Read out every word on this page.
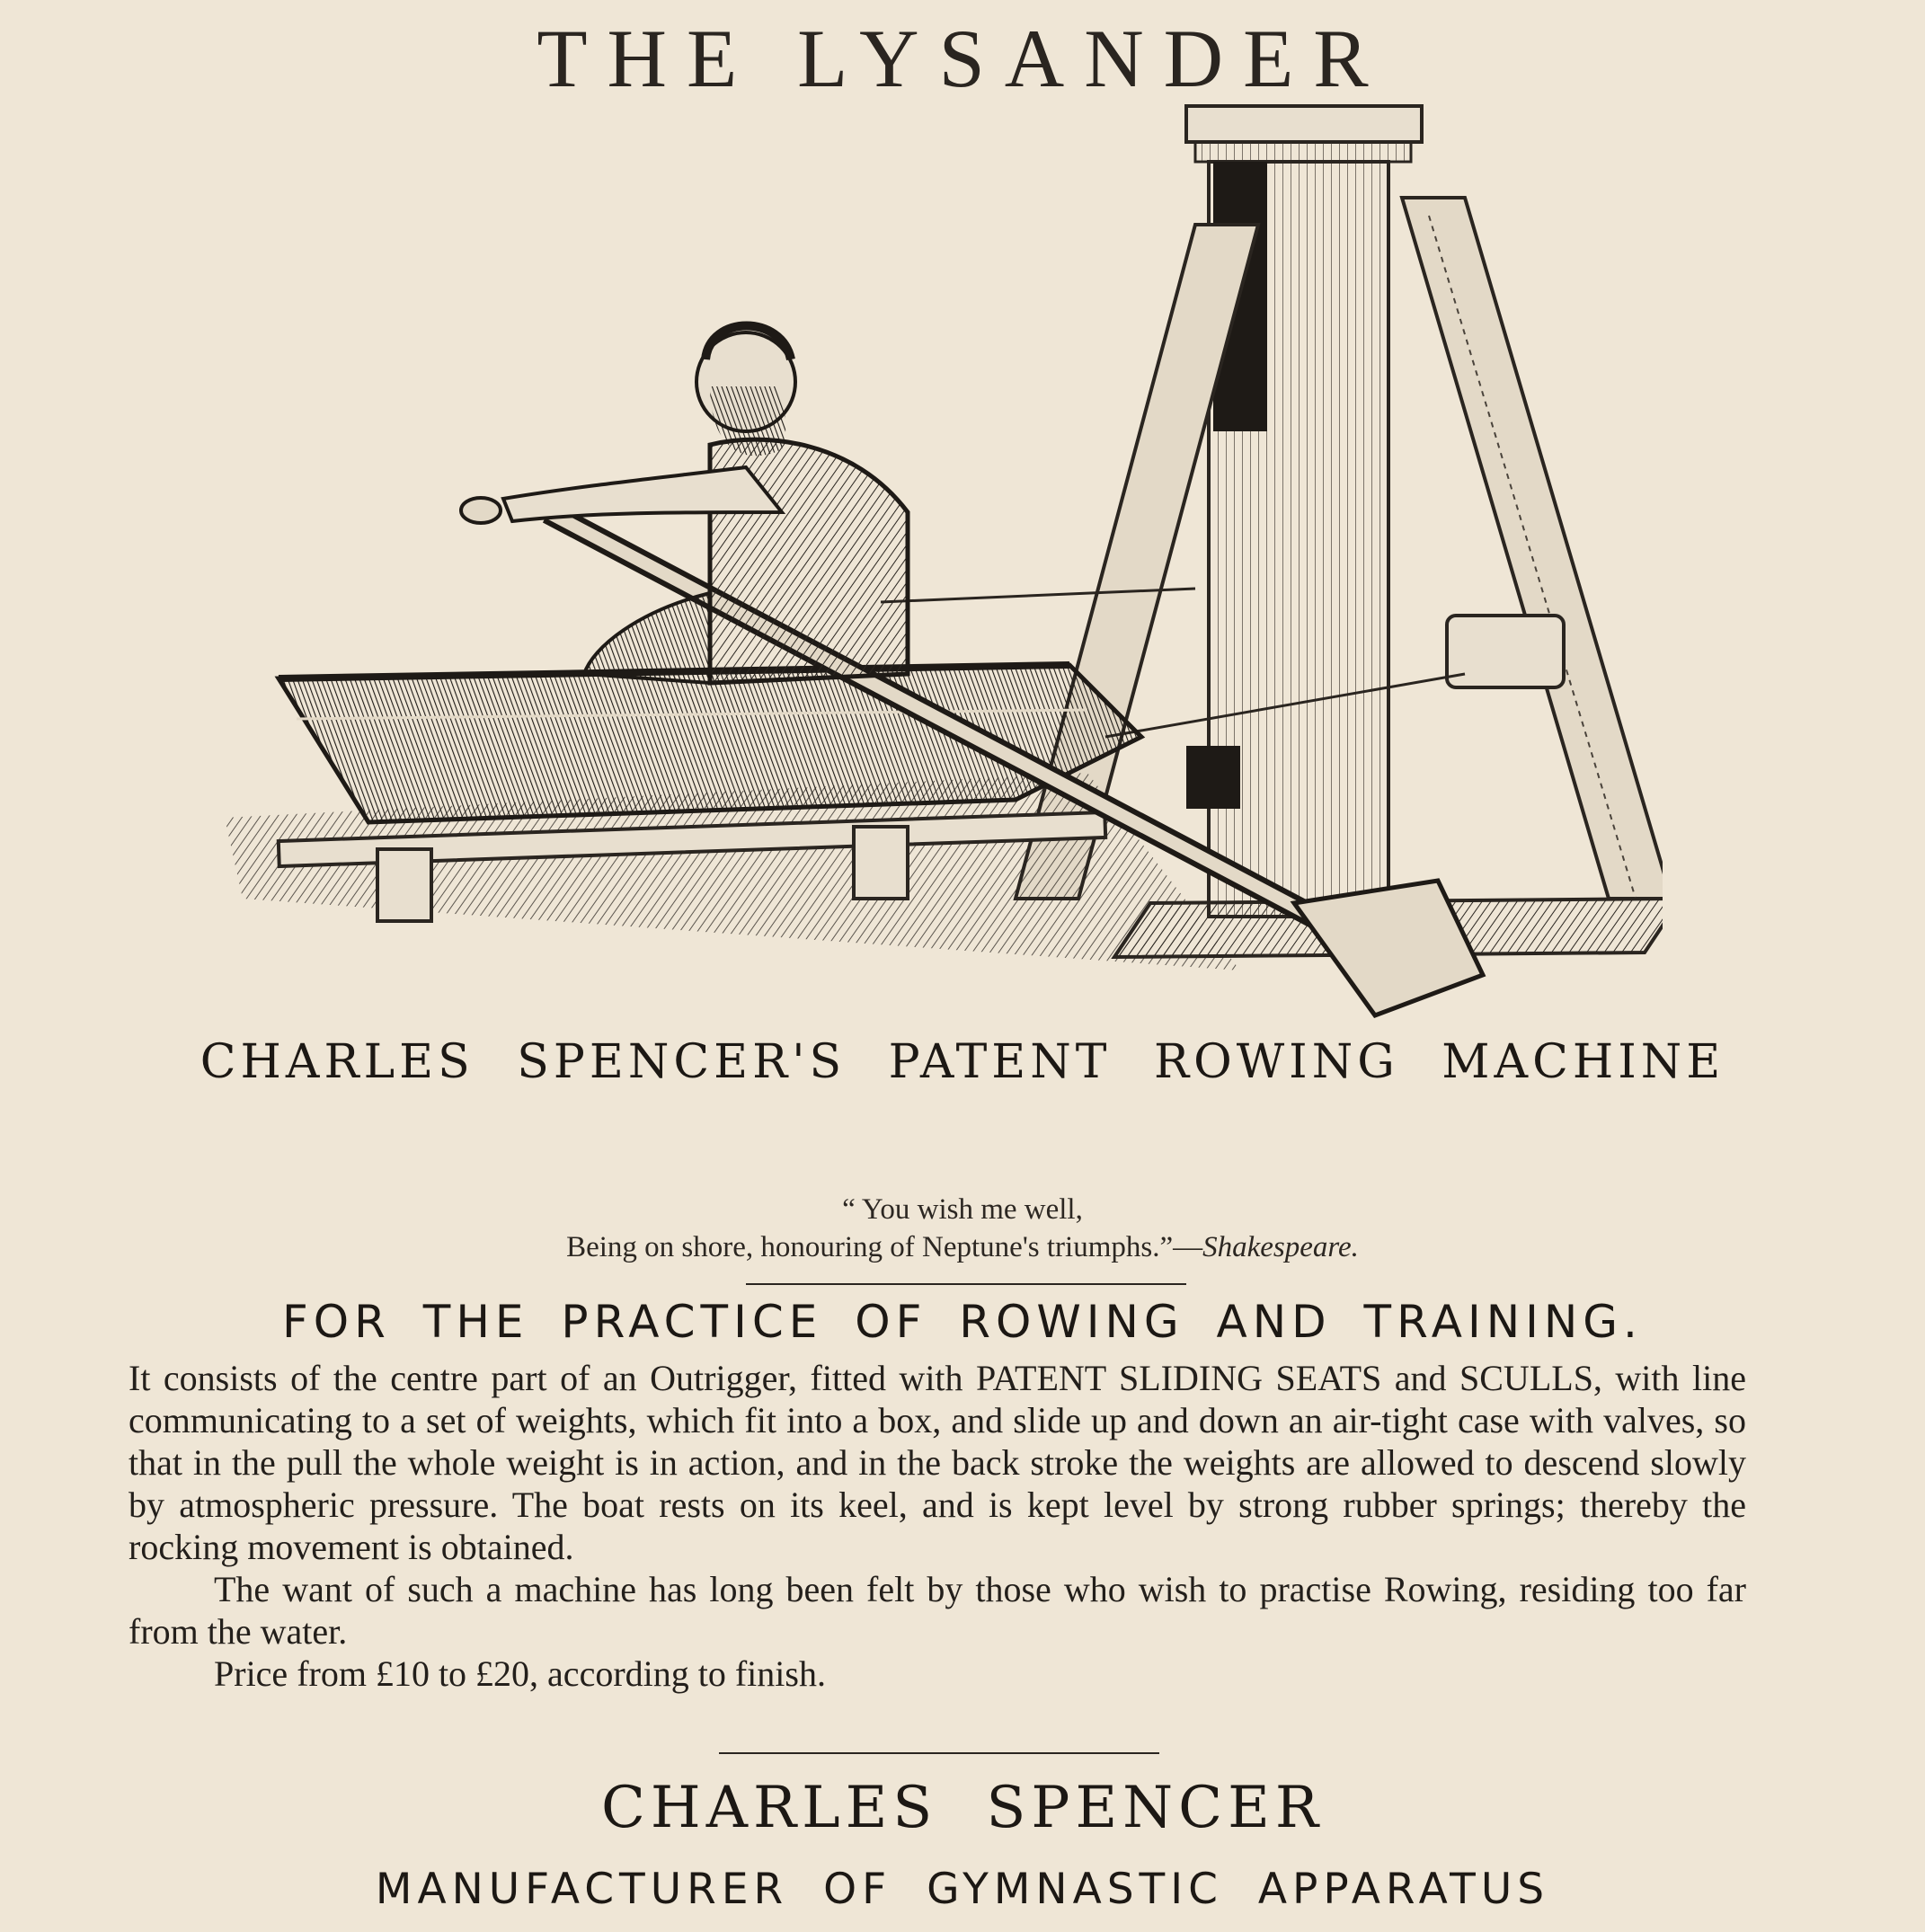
THE LYSANDER
CHARLES SPENCER'S PATENT ROWING MACHINE
“ You wish me well,
Being on shore, honouring of Neptune's triumphs.”—Shakespeare.
FOR THE PRACTICE OF ROWING AND TRAINING.

It consists of the centre part of an Outrigger, fitted with PATENT SLIDING SEATS and SCULLS, with line communicating to a set of weights, which fit into a box, and slide up and down an air-tight case with valves, so that in the pull the whole weight is in action, and in the back stroke the weights are allowed to descend slowly by atmospheric pressure. The boat rests on its keel, and is kept level by strong rubber springs; thereby the rocking movement is obtained.

The want of such a machine has long been felt by those who wish to practise Rowing, residing too far from the water.

Price from £10 to £20, according to finish.

CHARLES SPENCER
MANUFACTURER OF GYMNASTIC APPARATUS
